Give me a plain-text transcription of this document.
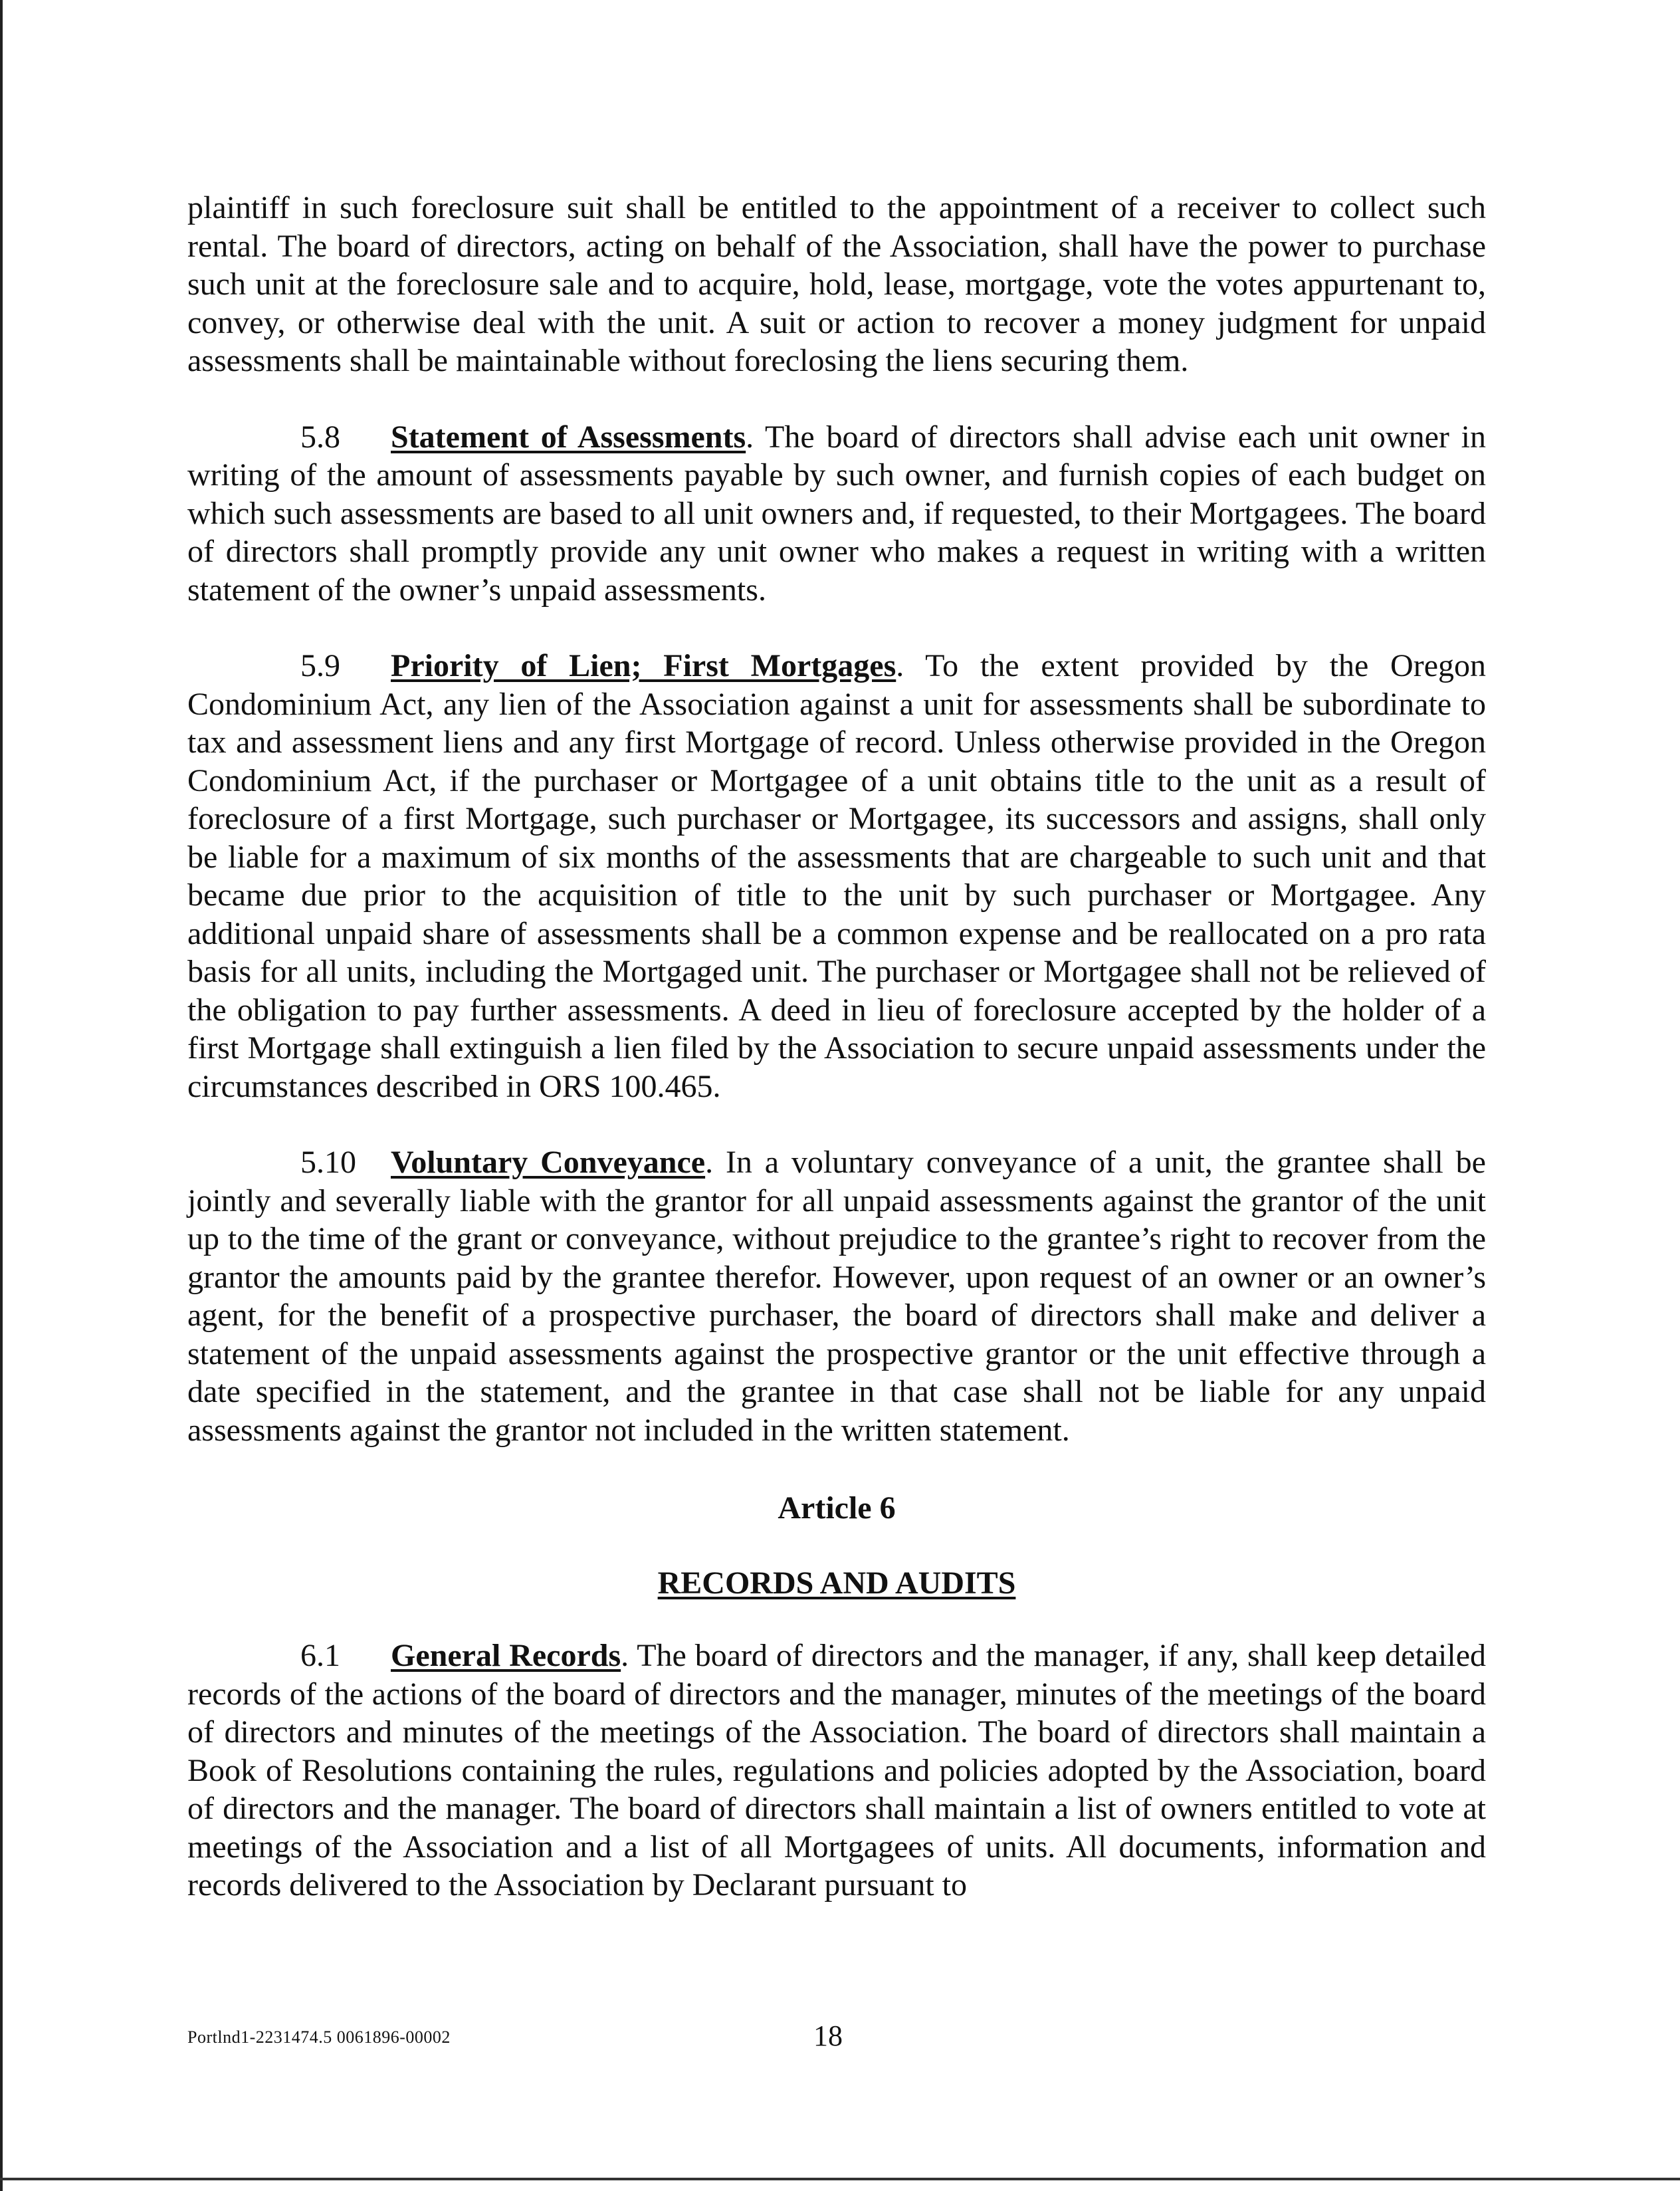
plaintiff in such foreclosure suit shall be entitled to the appointment of a receiver to collect such rental. The board of directors, acting on behalf of the Association, shall have the power to purchase such unit at the foreclosure sale and to acquire, hold, lease, mortgage, vote the votes appurtenant to, convey, or otherwise deal with the unit. A suit or action to recover a money judgment for unpaid assessments shall be maintainable without foreclosing the liens securing them.

5.8 Statement of Assessments. The board of directors shall advise each unit owner in writing of the amount of assessments payable by such owner, and furnish copies of each budget on which such assessments are based to all unit owners and, if requested, to their Mortgagees. The board of directors shall promptly provide any unit owner who makes a request in writing with a written statement of the owner’s unpaid assessments.

5.9 Priority of Lien; First Mortgages. To the extent provided by the Oregon Condominium Act, any lien of the Association against a unit for assessments shall be subordinate to tax and assessment liens and any first Mortgage of record. Unless otherwise provided in the Oregon Condominium Act, if the purchaser or Mortgagee of a unit obtains title to the unit as a result of foreclosure of a first Mortgage, such purchaser or Mortgagee, its successors and assigns, shall only be liable for a maximum of six months of the assessments that are chargeable to such unit and that became due prior to the acquisition of title to the unit by such purchaser or Mortgagee. Any additional unpaid share of assessments shall be a common expense and be reallocated on a pro rata basis for all units, including the Mortgaged unit. The purchaser or Mortgagee shall not be relieved of the obligation to pay further assessments. A deed in lieu of foreclosure accepted by the holder of a first Mortgage shall extinguish a lien filed by the Association to secure unpaid assessments under the circumstances described in ORS 100.465.

5.10 Voluntary Conveyance. In a voluntary conveyance of a unit, the grantee shall be jointly and severally liable with the grantor for all unpaid assessments against the grantor of the unit up to the time of the grant or conveyance, without prejudice to the grantee’s right to recover from the grantor the amounts paid by the grantee therefor. However, upon request of an owner or an owner’s agent, for the benefit of a prospective purchaser, the board of directors shall make and deliver a statement of the unpaid assessments against the prospective grantor or the unit effective through a date specified in the statement, and the grantee in that case shall not be liable for any unpaid assessments against the grantor not included in the written statement.

Article 6

RECORDS AND AUDITS

6.1 General Records. The board of directors and the manager, if any, shall keep detailed records of the actions of the board of directors and the manager, minutes of the meetings of the board of directors and minutes of the meetings of the Association. The board of directors shall maintain a Book of Resolutions containing the rules, regulations and policies adopted by the Association, board of directors and the manager. The board of directors shall maintain a list of owners entitled to vote at meetings of the Association and a list of all Mortgagees of units. All documents, information and records delivered to the Association by Declarant pursuant to

Portlnd1-2231474.5 0061896-00002	18
